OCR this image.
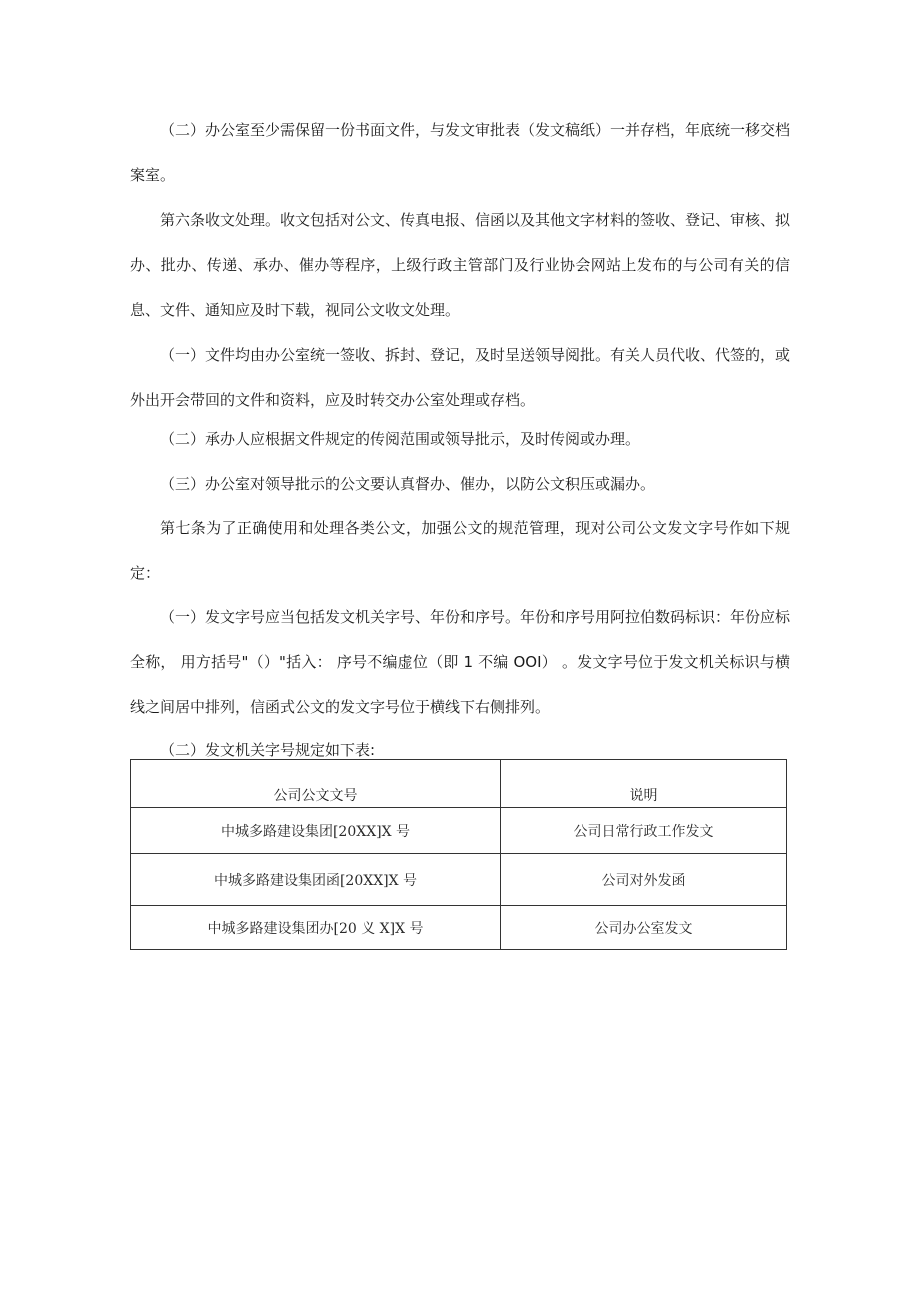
（二）办公室至少需保留一份书面文件，与发文审批表（发文稿纸）一并存档，年底统一移交档案室。

第六条收文处理。收文包括对公文、传真电报、信函以及其他文字材料的签收、登记、审核、拟办、批办、传递、承办、催办等程序，上级行政主管部门及行业协会网站上发布的与公司有关的信息、文件、通知应及时下载，视同公文收文处理。

（一）文件均由办公室统一签收、拆封、登记，及时呈送领导阅批。有关人员代收、代签的，或外出开会带回的文件和资料，应及时转交办公室处理或存档。

（二）承办人应根据文件规定的传阅范围或领导批示，及时传阅或办理。

（三）办公室对领导批示的公文要认真督办、催办，以防公文积压或漏办。

第七条为了正确使用和处理各类公文，加强公文的规范管理，现对公司公文发文字号作如下规定：

（一）发文字号应当包括发文机关字号、年份和序号。年份和序号用阿拉伯数码标识：年份应标全称， 用方括号"（）"括入： 序号不编虚位（即 1 不编 OOI） 。发文字号位于发文机关标识与横线之间居中排列，信函式公文的发文字号位于横线下右侧排列。

（二）发文机关字号规定如下表:

公司公文文号	说明
中城多路建设集团[20XX]X 号	公司日常行政工作发文
中城多路建设集团函[20XX]X 号	公司对外发函
中城多路建设集团办[20 义 X]X 号	公司办公室发文
